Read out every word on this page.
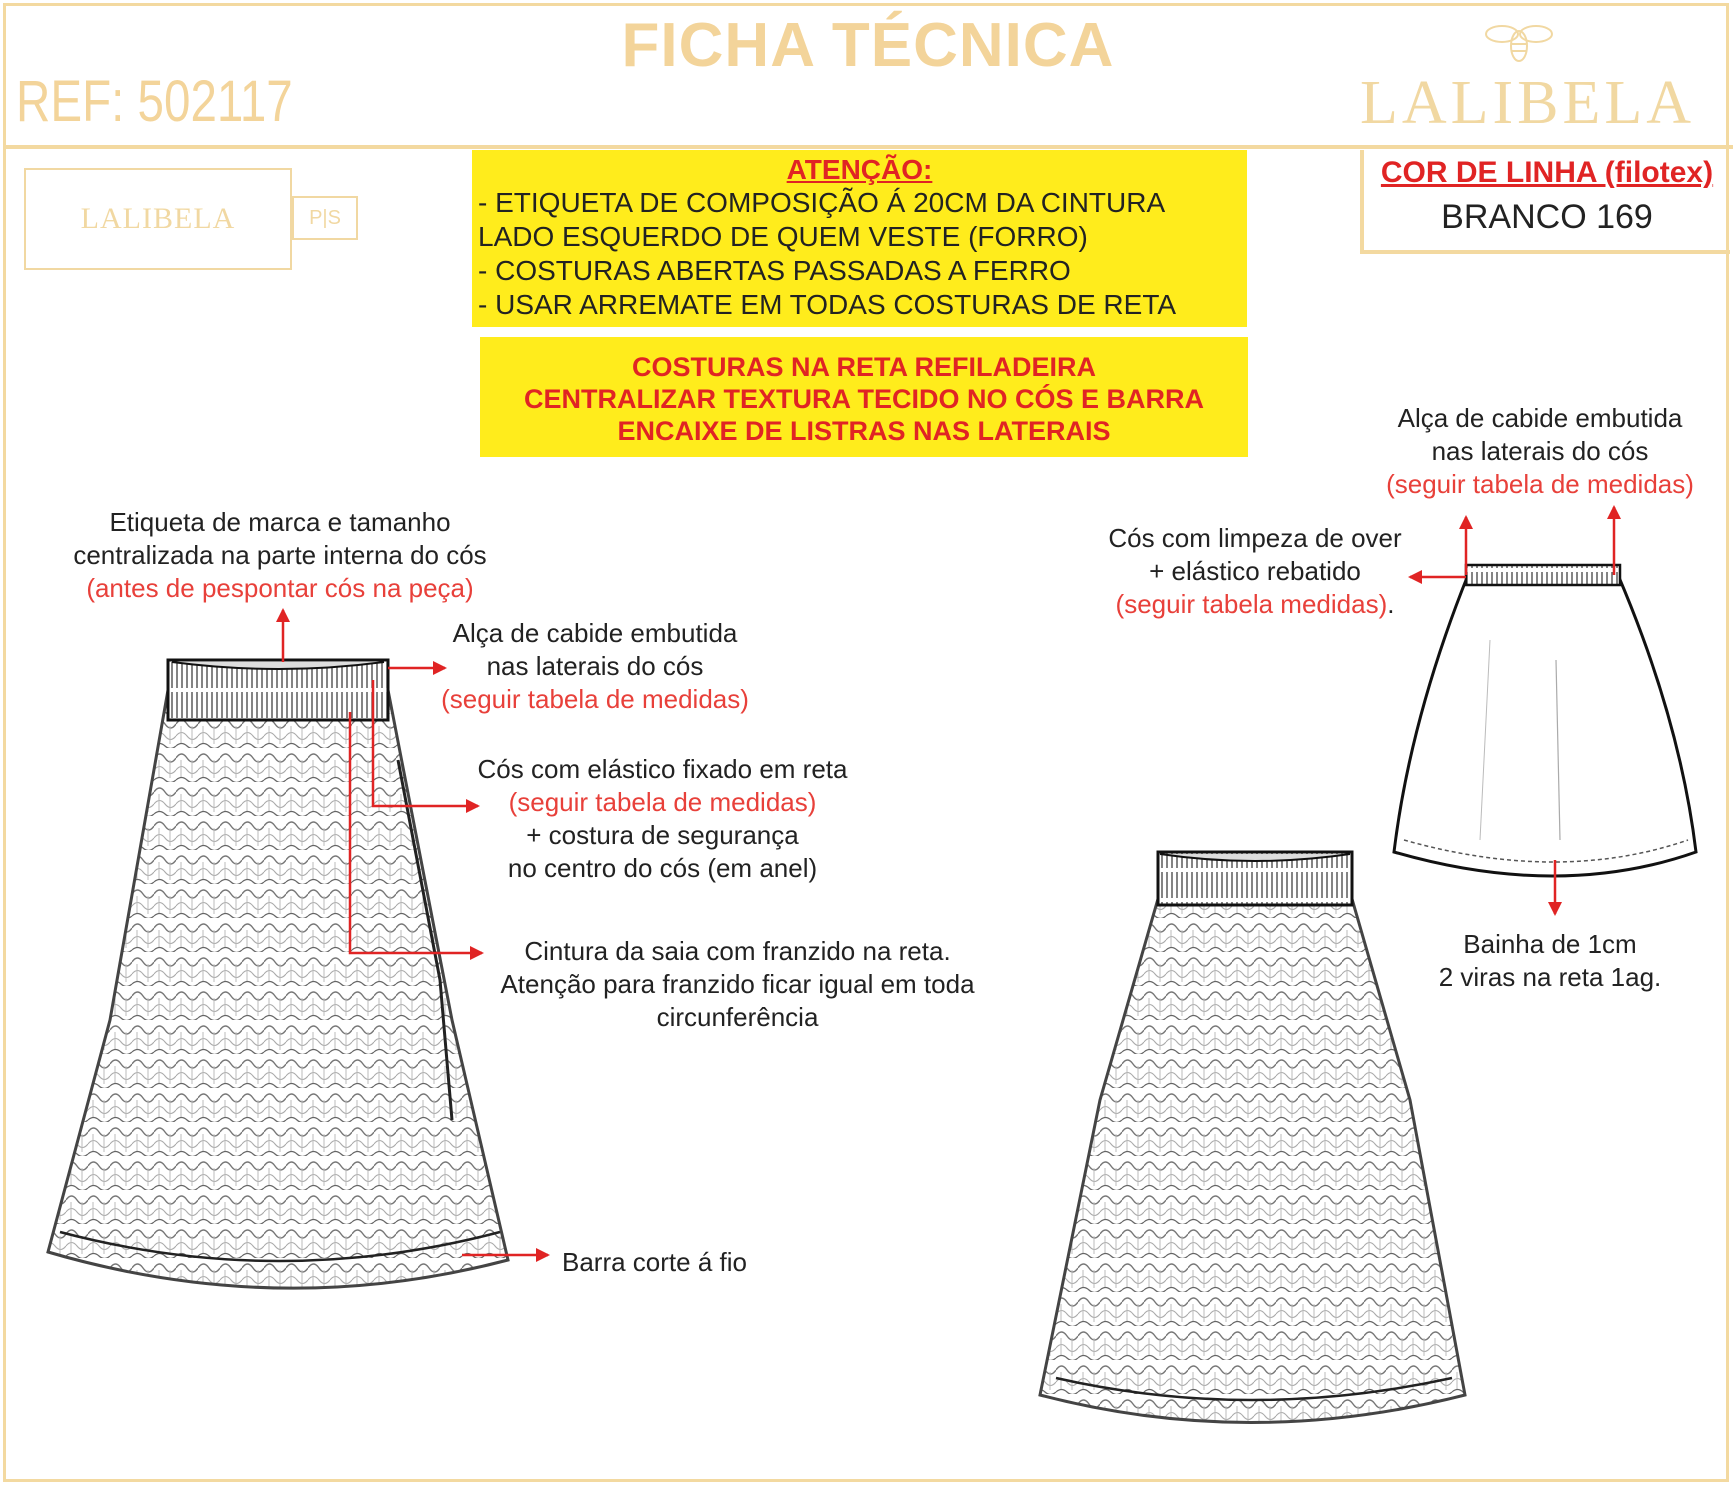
FICHA TÉCNICA
REF: 502117	LALIBELA
LALIBELA	P|S
ATENÇÃO:
- ETIQUETA DE COMPOSIÇÃO Á 20CM DA CINTURA
LADO ESQUERDO DE QUEM VESTE (FORRO)
- COSTURAS ABERTAS PASSADAS A FERRO
- USAR ARREMATE EM TODAS COSTURAS DE RETA
COSTURAS NA RETA REFILADEIRA
CENTRALIZAR TEXTURA TECIDO NO CÓS E BARRA
ENCAIXE DE LISTRAS NAS LATERAIS
COR DE LINHA (filotex)
BRANCO 169
Etiqueta de marca e tamanho
centralizada na parte interna do cós
(antes de pespontar cós na peça)
Alça de cabide embutida
nas laterais do cós
(seguir tabela de medidas)
Cós com elástico fixado em reta
(seguir tabela de medidas)
+ costura de segurança
no centro do cós (em anel)
Cintura da saia com franzido na reta.
Atenção para franzido ficar igual em toda
circunferência
Barra corte á fio
Alça de cabide embutida
nas laterais do cós
(seguir tabela de medidas)
Cós com limpeza de over
+ elástico rebatido
(seguir tabela medidas).
Bainha de 1cm
2 viras na reta 1ag.
